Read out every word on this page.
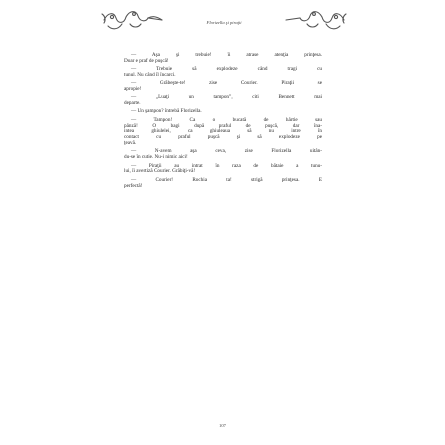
Florizella şi piraţii

— Aşa şi trebuie! îi atrase atenţia prinţesa.

Doar e praf de puşcă!

— Trebuie să explodeze când tragi cu

tunul. Nu când îl încarci.

— Grăbeşte-te! zise Courier. Piraţii se

apropie!

— „Luaţi un tampon”, citi Bennett mai

departe.

— Un şampon? întrebă Florizella.

— Tampon! Ca o bucată de hârtie sau

pânză! O bagi după praful de puşcă, dar îna-

intea ghiulelei, ca ghiuleaua să nu intre în

contact cu praful puşcă şi să explodeze pe

ţeavă.

— N-avem aşa ceva, zise Florizella uitân-

du-se în cutie. Nu-i nimic aici!

— Piraţii au intrat în raza de bătaie a tunu-

lui, îi avertiză Courier. Grăbiţi-vă!

— Courier! Rochia ta! strigă prinţesa. E

perfectă!

107
